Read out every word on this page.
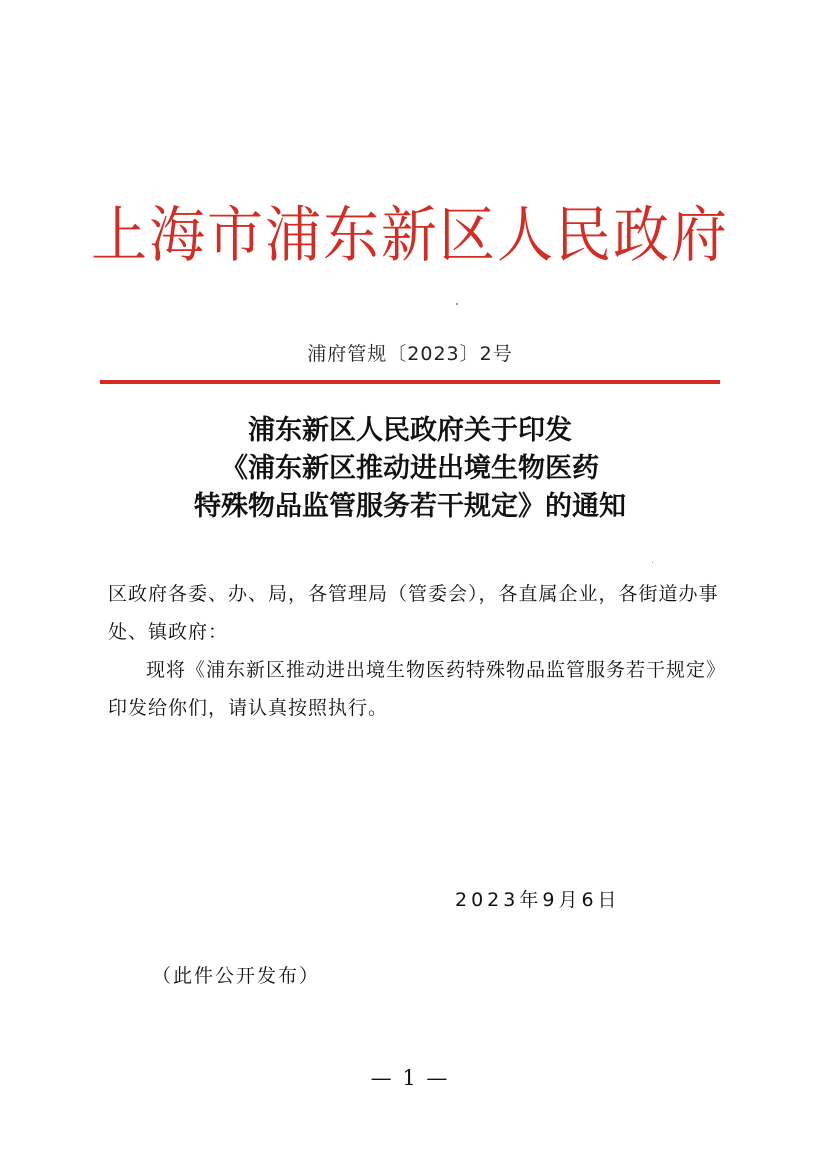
上海市浦东新区人民政府
浦府管规〔2023〕2号
浦东新区人民政府关于印发
《浦东新区推动进出境生物医药
特殊物品监管服务若干规定》的通知
区政府各委、办、局，各管理局（管委会），各直属企业，各街道办事处、镇政府：
现将《浦东新区推动进出境生物医药特殊物品监管服务若干规定》印发给你们，请认真按照执行。
2023年9月6日
（此件公开发布）
— 1 —
